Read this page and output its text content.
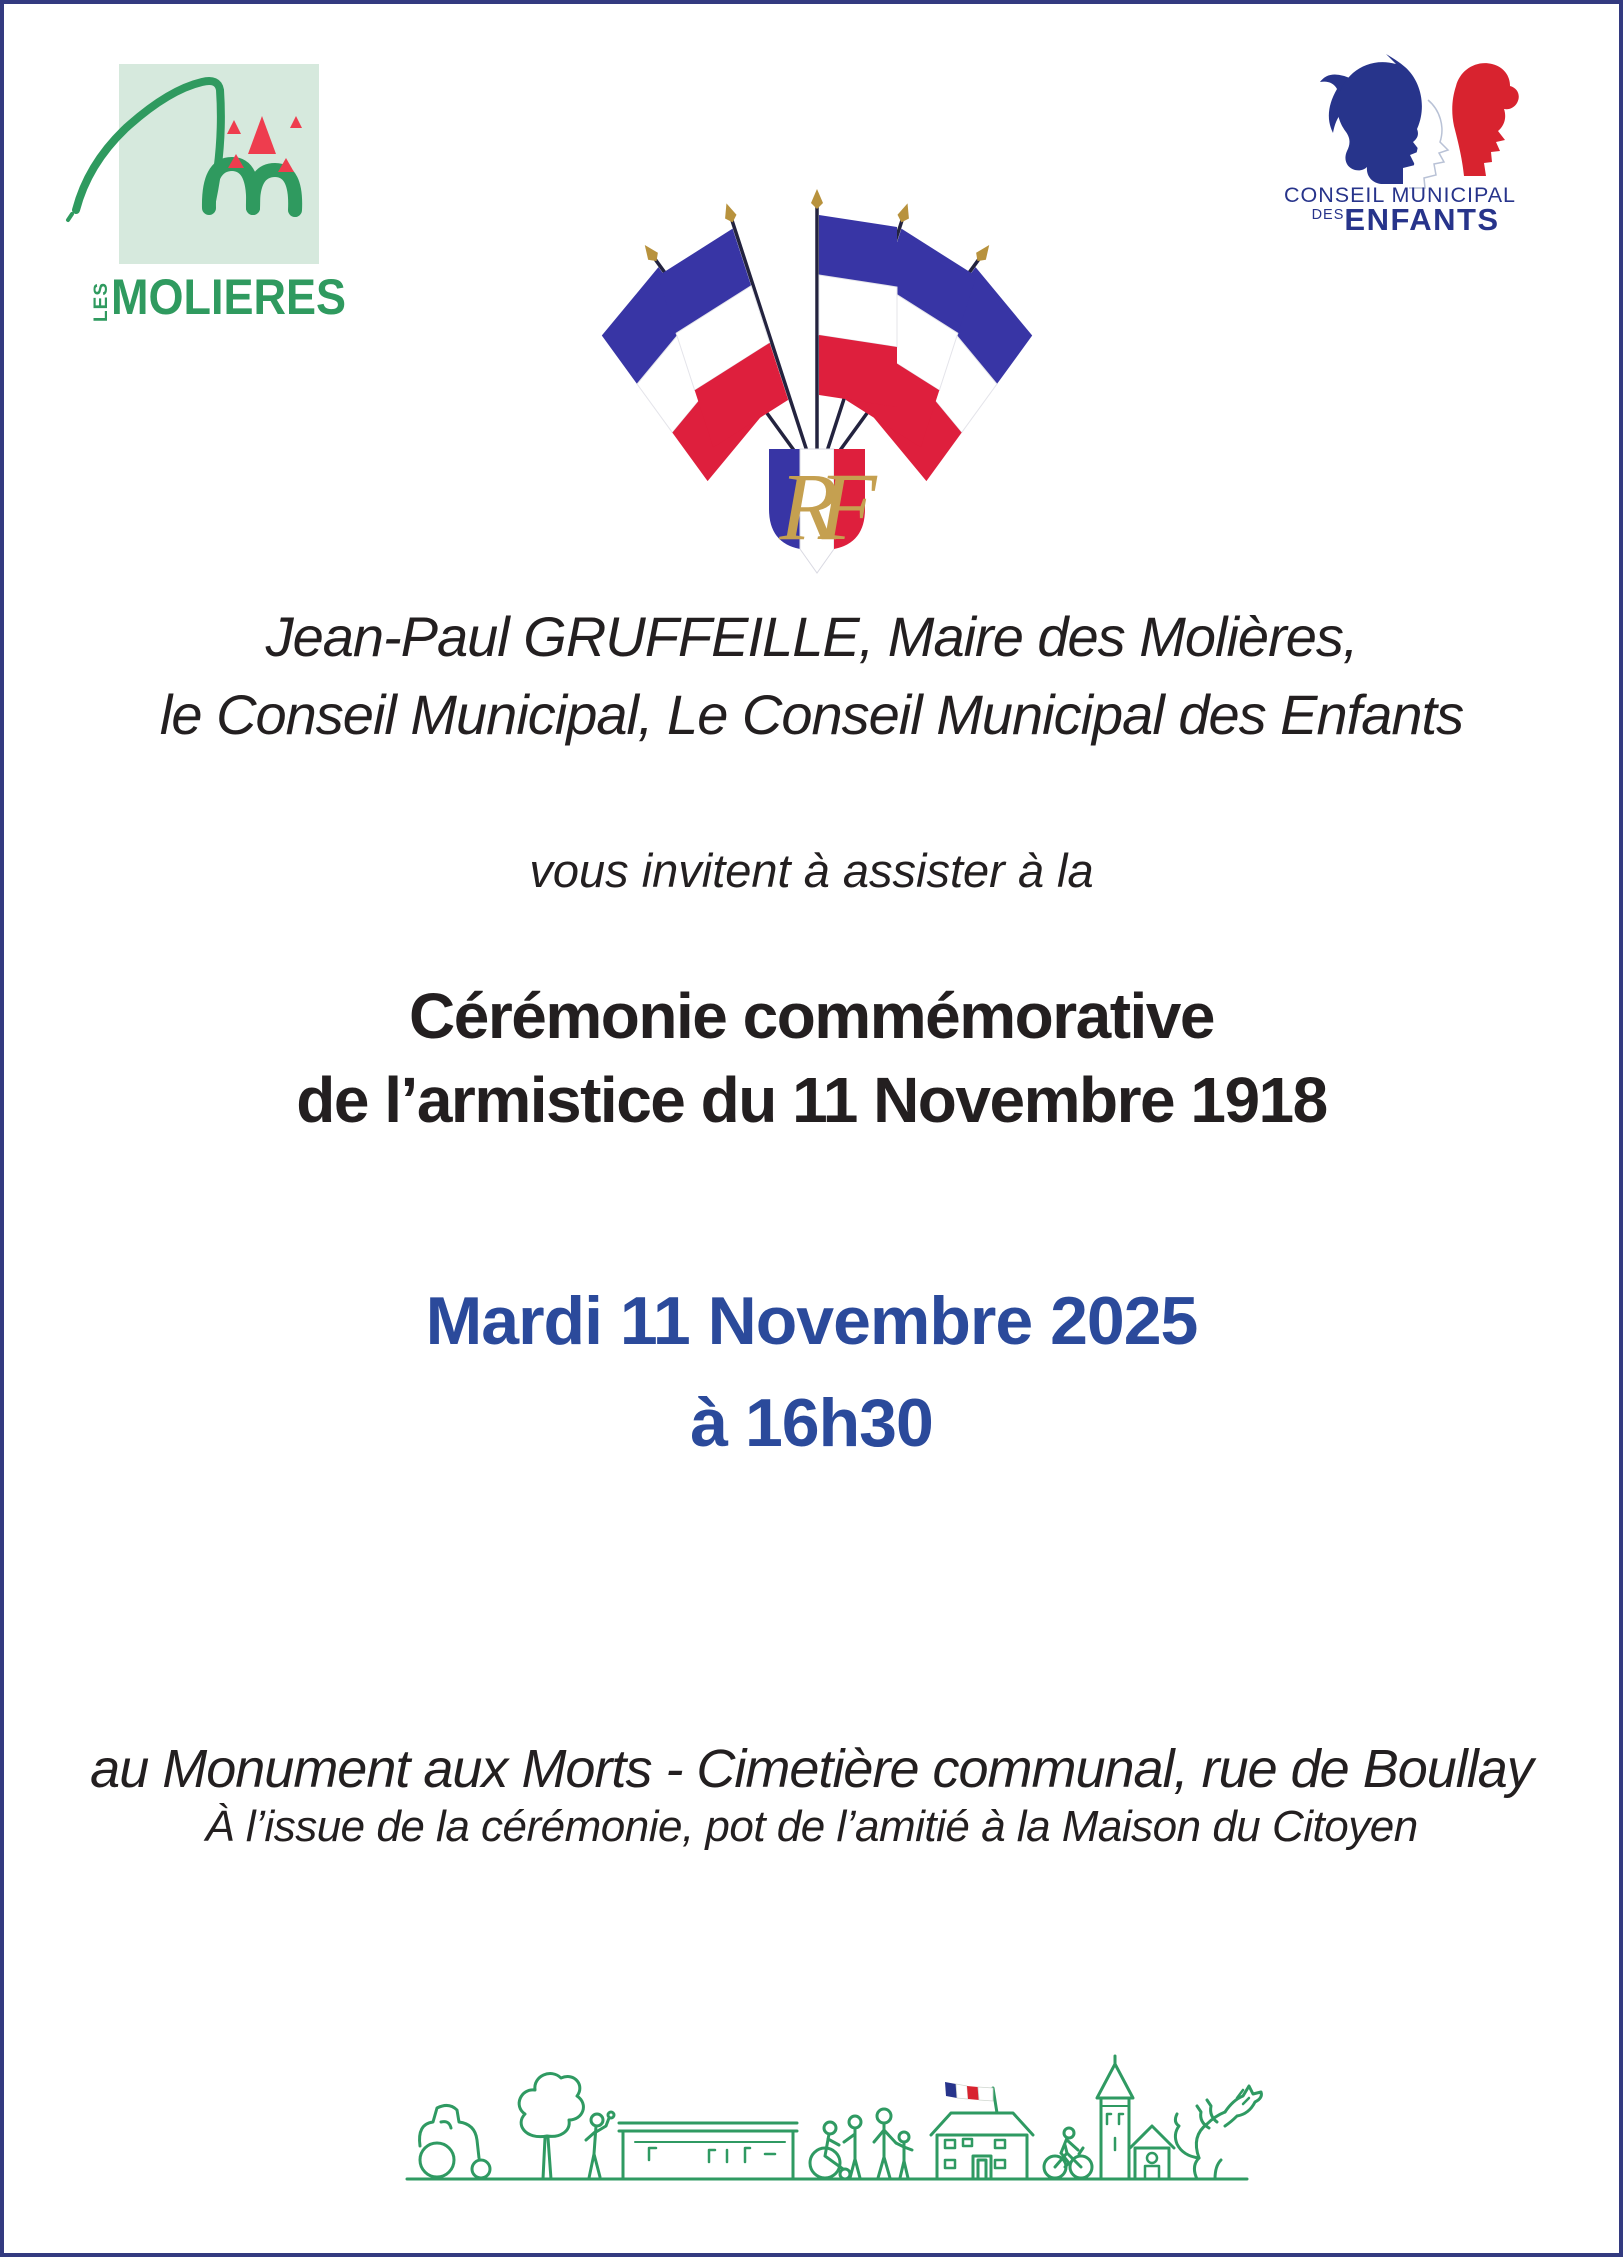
LES MOLIERES
CONSEIL MUNICIPAL
DES ENFANTS
RF
Jean-Paul GRUFFEILLE, Maire des Molières,
le Conseil Municipal, Le Conseil Municipal des Enfants
vous invitent à assister à la
Cérémonie commémorative
de l’armistice du 11 Novembre 1918
Mardi 11 Novembre 2025
à 16h30
au Monument aux Morts - Cimetière communal, rue de Boullay
À l’issue de la cérémonie, pot de l’amitié à la Maison du Citoyen
